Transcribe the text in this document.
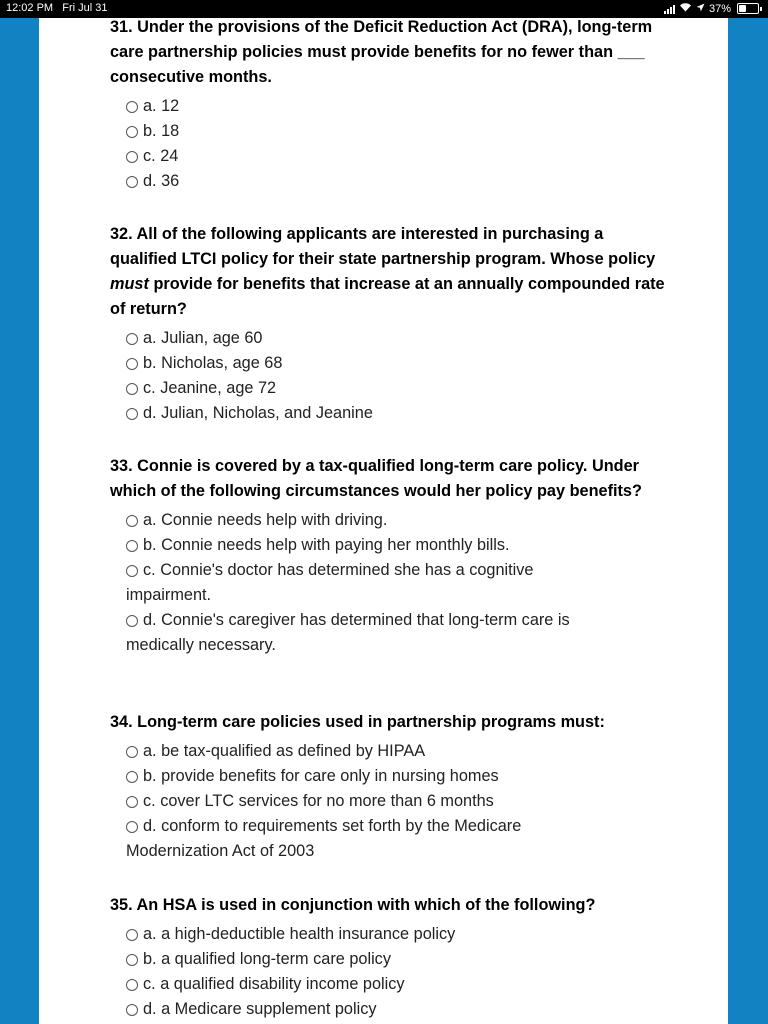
12:02 PM Fri Jul 31	37%

31. Under the provisions of the Deficit Reduction Act (DRA), long-term care partnership policies must provide benefits for no fewer than ___ consecutive months.

a. 12
b. 18
c. 24
d. 36

32. All of the following applicants are interested in purchasing a qualified LTCI policy for their state partnership program. Whose policy must provide for benefits that increase at an annually compounded rate of return?

a. Julian, age 60
b. Nicholas, age 68
c. Jeanine, age 72
d. Julian, Nicholas, and Jeanine

33. Connie is covered by a tax-qualified long-term care policy. Under which of the following circumstances would her policy pay benefits?

a. Connie needs help with driving.
b. Connie needs help with paying her monthly bills.
c. Connie's doctor has determined she has a cognitive impairment.
d. Connie's caregiver has determined that long-term care is medically necessary.

34. Long-term care policies used in partnership programs must:

a. be tax-qualified as defined by HIPAA
b. provide benefits for care only in nursing homes
c. cover LTC services for no more than 6 months
d. conform to requirements set forth by the Medicare Modernization Act of 2003

35. An HSA is used in conjunction with which of the following?

a. a high-deductible health insurance policy
b. a qualified long-term care policy
c. a qualified disability income policy
d. a Medicare supplement policy
